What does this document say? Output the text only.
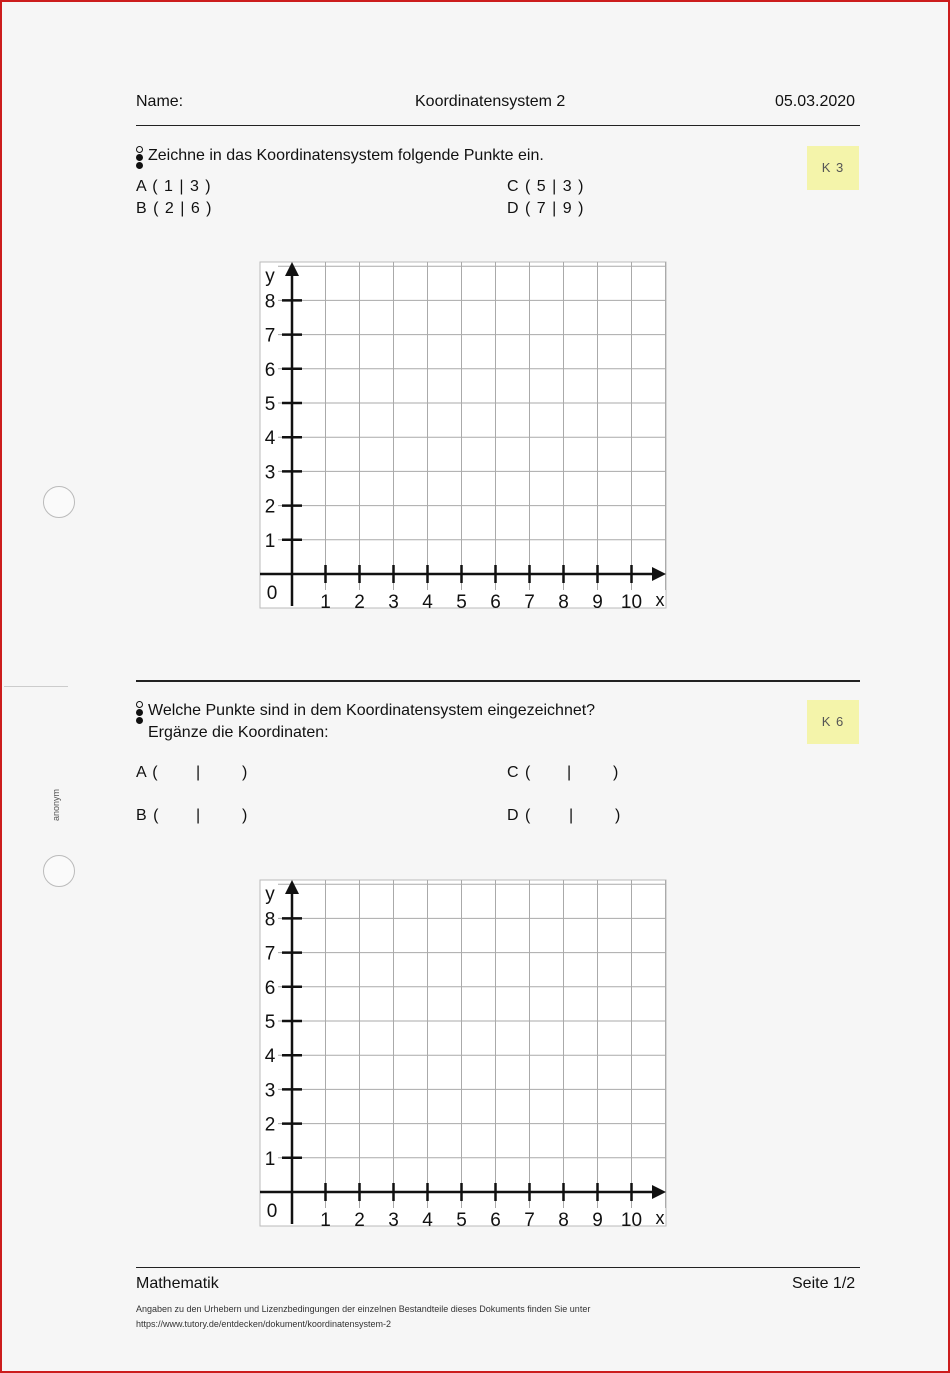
Name:	Koordinatensystem 2	05.03.2020
Zeichne in das Koordinatensystem folgende Punkte ein.
K 3
A ( 1 | 3 )
B ( 2 | 6 )
C ( 5 | 3 )
D ( 7 | 9 )
1 2 3 4 5 6 7 8 9 10
1
2
3
4
5
6
7
8
0	x
y
Welche Punkte sind in dem Koordinatensystem eingezeichnet?
Ergänze die Koordinaten:
K 6
A ( |	)
B ( |	)
C ( |	)
D ( |	)
1 2 3 4 5 6 7 8 9 10
1
2
3
4
5
6
7
8
0	x
y
anonym
Mathematik	Seite 1/2
Angaben zu den Urhebern und Lizenzbedingungen der einzelnen Bestandteile dieses Dokuments finden Sie unter
https://www.tutory.de/entdecken/dokument/koordinatensystem-2
